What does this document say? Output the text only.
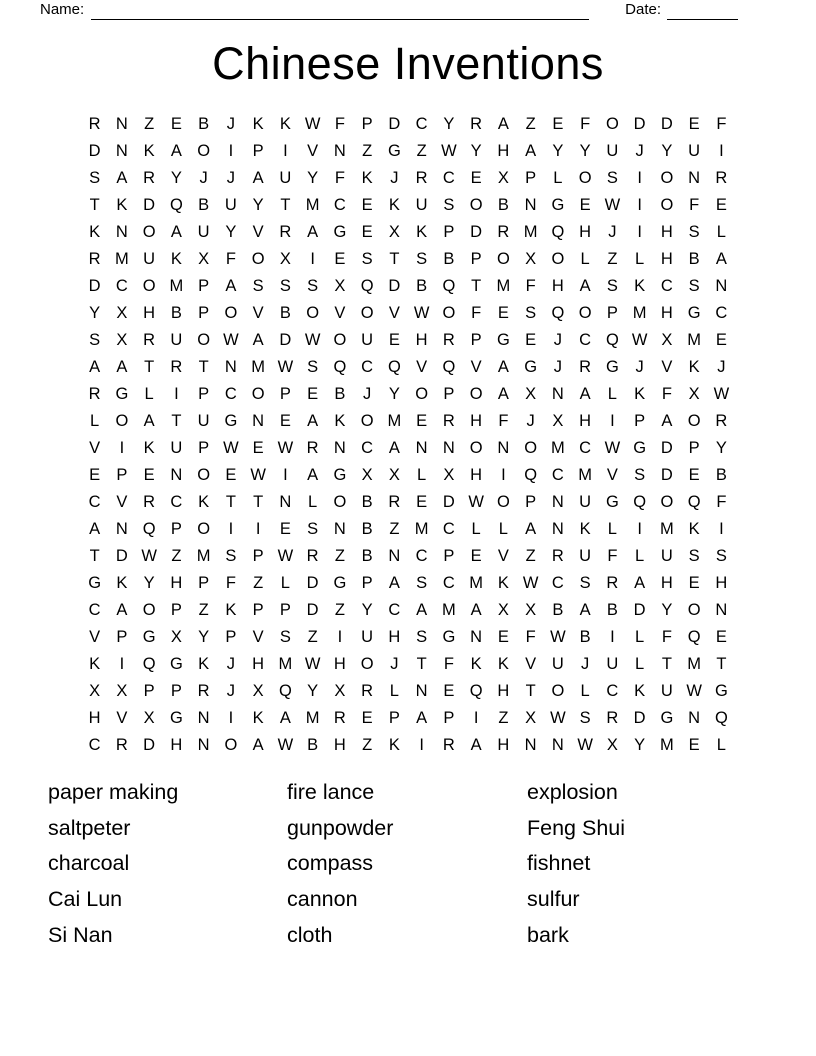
Name:	Date:
Chinese Inventions
R N Z	E B	J	K K W F	P D C Y R A	Z	E	F O D D E	F
D N K A O	I	P	I	V N Z G Z W Y H A Y Y U	J	Y U	I
S A R Y	J	J	A U Y	F	K	J	R C E X P	L O S	I	O N R
T	K D Q B U Y	T M C E K U S O B N G E W	I	O F	E
K N O A U Y V R A G E X K P D R M Q H	J	I	H S	L
R M U K X	F O X	I	E S	T	S B P O X O L	Z	L	H B A
D C O M P A S S S X Q D B Q T M F H A S K C S N
Y X H B P O V B O V O V W O F	E S Q O P M H G C
S X R U O W A D W O U E H R P G E	J	C Q W X M E
A A	T R T N M W S Q C Q V Q V A G	J	R G	J	V K	J
R G L	I	P C O P E B	J	Y O P O A X N A	L	K	F	X W
L O A	T U G N E A K O M E R H F	J	X H	I	P A O R
V	I	K U P W E W R N C A N N O N O M C W G D P Y
E P E N O E W	I	A G X X	L	X H	I	Q C M V S D E B
C V R C K	T	T N	L O B R E D W O P N U G Q O Q F
A N Q P O	I	I	E S N B	Z M C	L	L	A N K	L	I	M K	I
T D W Z M S P W R Z	B N C P E V	Z R U F	L	U S S
G K Y H P	F	Z	L	D G P A S C M K W C S R A H E H
C A O P	Z	K P P D Z	Y C A M A X X B A B D Y O N
V P G X Y P V S	Z	I	U H S G N E	F W B	I	L	F Q E
K	I	Q G K	J	H M W H O	J	T	F	K K V U	J	U	L	T M T
X X P P R	J	X Q Y X R	L	N E Q H T O L	C K U W G
H V X G N	I	K A M R E P A P	I	Z	X W S R D G N Q
C R D H N O A W B H Z	K	I	R A H N N W X Y M E	L
paper making
saltpeter
charcoal
Cai Lun
Si Nan
fire lance
gunpowder
compass
cannon
cloth
explosion
Feng Shui
fishnet
sulfur
bark
